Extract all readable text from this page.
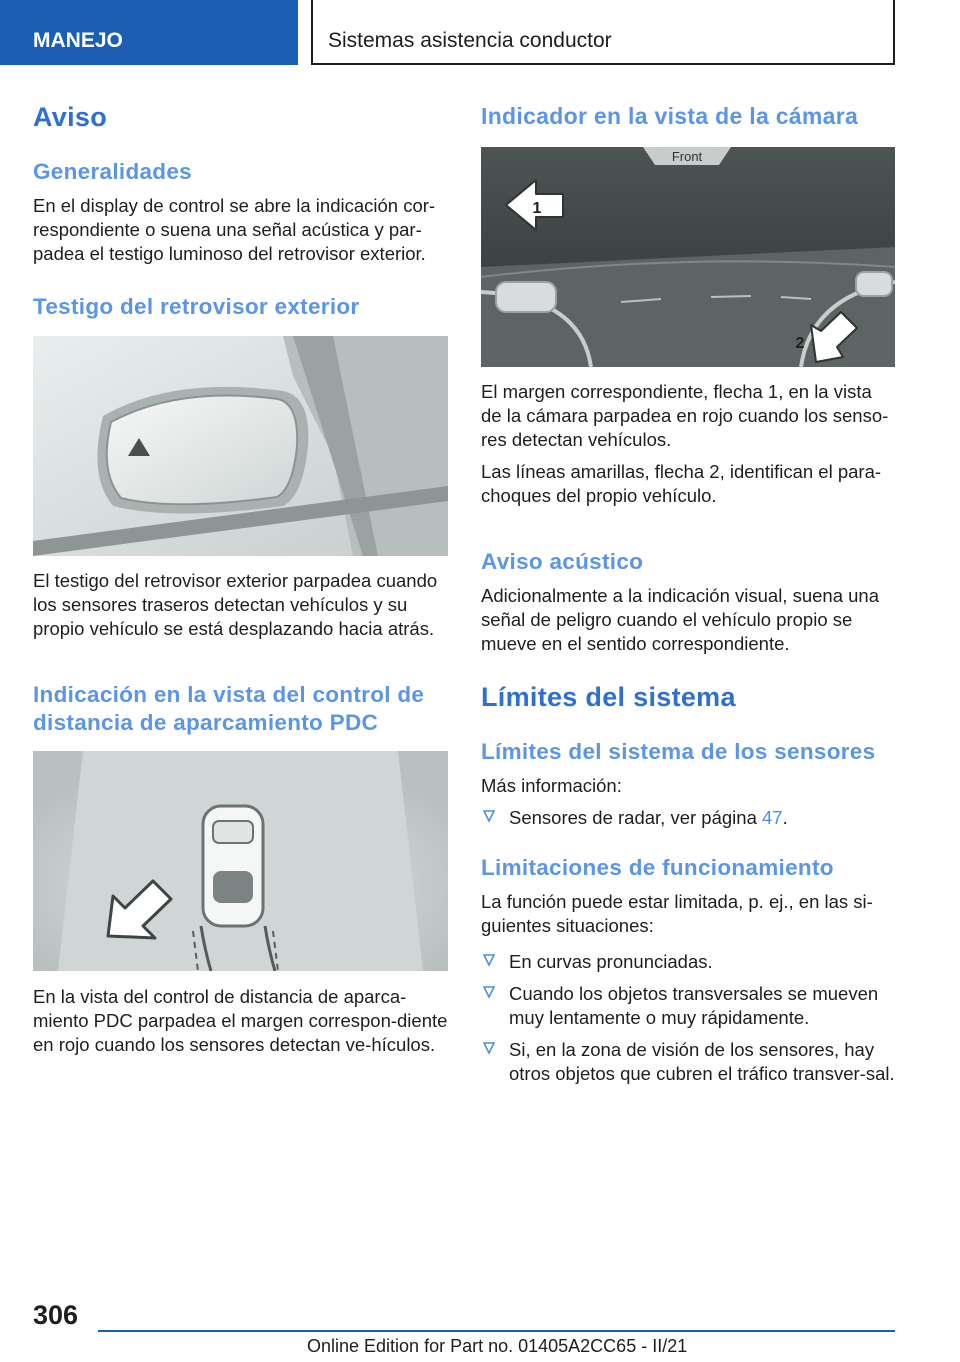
MANEJO	Sistemas asistencia conductor
Aviso
Generalidades
En el display de control se abre la indicación cor-respondiente o suena una señal acústica y par-padea el testigo luminoso del retrovisor exterior.
Testigo del retrovisor exterior
El testigo del retrovisor exterior parpadea cuando los sensores traseros detectan vehículos y su propio vehículo se está desplazando hacia atrás.
Indicación en la vista del control de distancia de aparcamiento PDC
En la vista del control de distancia de aparca-miento PDC parpadea el margen correspon-diente en rojo cuando los sensores detectan ve-hículos.
Indicador en la vista de la cámara
Front
1
2
El margen correspondiente, flecha 1, en la vista de la cámara parpadea en rojo cuando los senso-res detectan vehículos.
Las líneas amarillas, flecha 2, identifican el para-choques del propio vehículo.
Aviso acústico
Adicionalmente a la indicación visual, suena una señal de peligro cuando el vehículo propio se mueve en el sentido correspondiente.
Límites del sistema
Límites del sistema de los sensores
Más información:
Sensores de radar, ver página 47.
Limitaciones de funcionamiento
La función puede estar limitada, p. ej., en las si-guientes situaciones:
En curvas pronunciadas.
Cuando los objetos transversales se mueven muy lentamente o muy rápidamente.
Si, en la zona de visión de los sensores, hay otros objetos que cubren el tráfico transver-sal.
306
Online Edition for Part no. 01405A2CC65 - II/21
